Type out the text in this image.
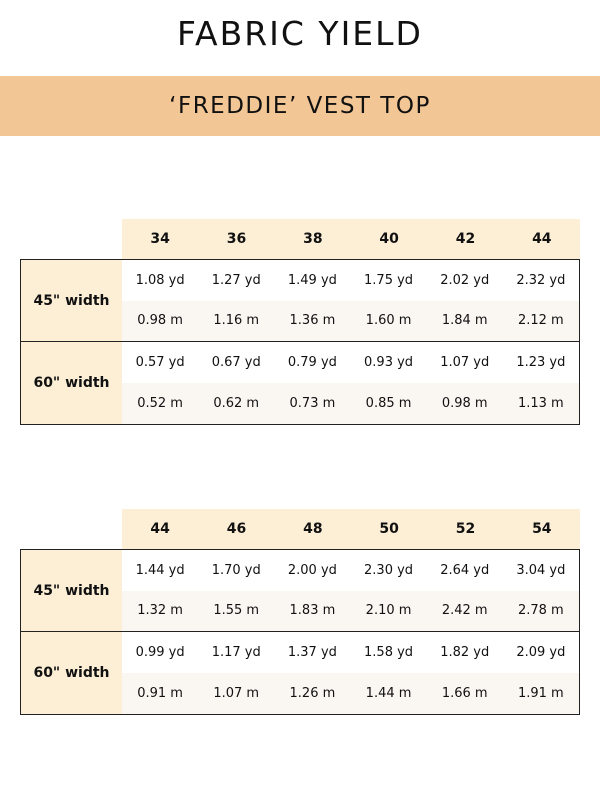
FABRIC YIELD
‘FREDDIE’ VEST TOP
34	36	38	40	42	44
45" width
1.08 yd	1.27 yd	1.49 yd	1.75 yd	2.02 yd	2.32 yd
0.98 m	1.16 m	1.36 m	1.60 m	1.84 m	2.12 m
60" width
0.57 yd	0.67 yd	0.79 yd	0.93 yd	1.07 yd	1.23 yd
0.52 m	0.62 m	0.73 m	0.85 m	0.98 m	1.13 m
44	46	48	50	52	54
45" width
1.44 yd	1.70 yd	2.00 yd	2.30 yd	2.64 yd	3.04 yd
1.32 m	1.55 m	1.83 m	2.10 m	2.42 m	2.78 m
60" width
0.99 yd	1.17 yd	1.37 yd	1.58 yd	1.82 yd	2.09 yd
0.91 m	1.07 m	1.26 m	1.44 m	1.66 m	1.91 m
